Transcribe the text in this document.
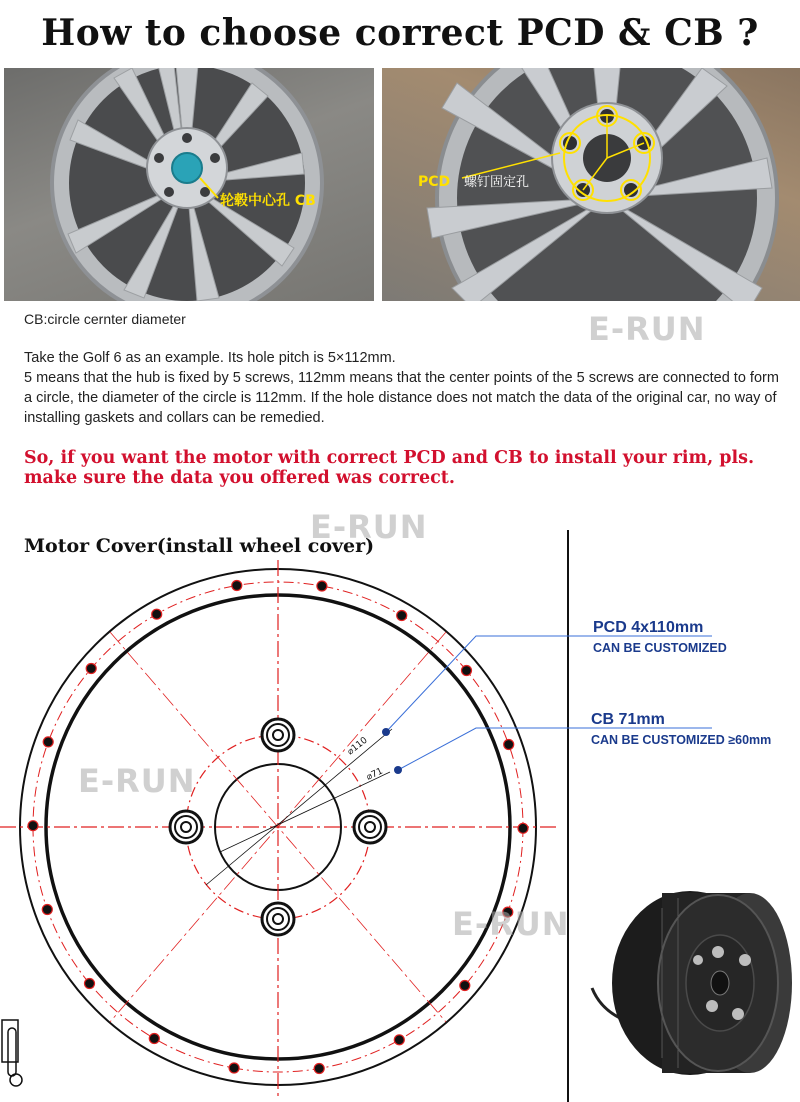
How to choose correct PCD & CB ?
轮毂中心孔 CB
PCD 螺钉固定孔
CB:circle cernter diameter	E-RUN
E-RUN
E-RUN
E-RUN

Take the Golf 6 as an example. Its hole pitch is 5×112mm.

5 means that the hub is fixed by 5 screws, 112mm means that the center points of the 5 screws are connected to form a circle, the diameter of the circle is 112mm. If the hole distance does not match the data of the original car, no way of installing gaskets and collars can be remedied.

So, if you want the motor with correct PCD and CB to install your rim, pls. make sure the data you offered was correct.
⌀110
⌀71
Motor Cover(install wheel cover)
PCD 4x110mm
CAN BE CUSTOMIZED
CB 71mm
CAN BE CUSTOMIZED ≥60mm
